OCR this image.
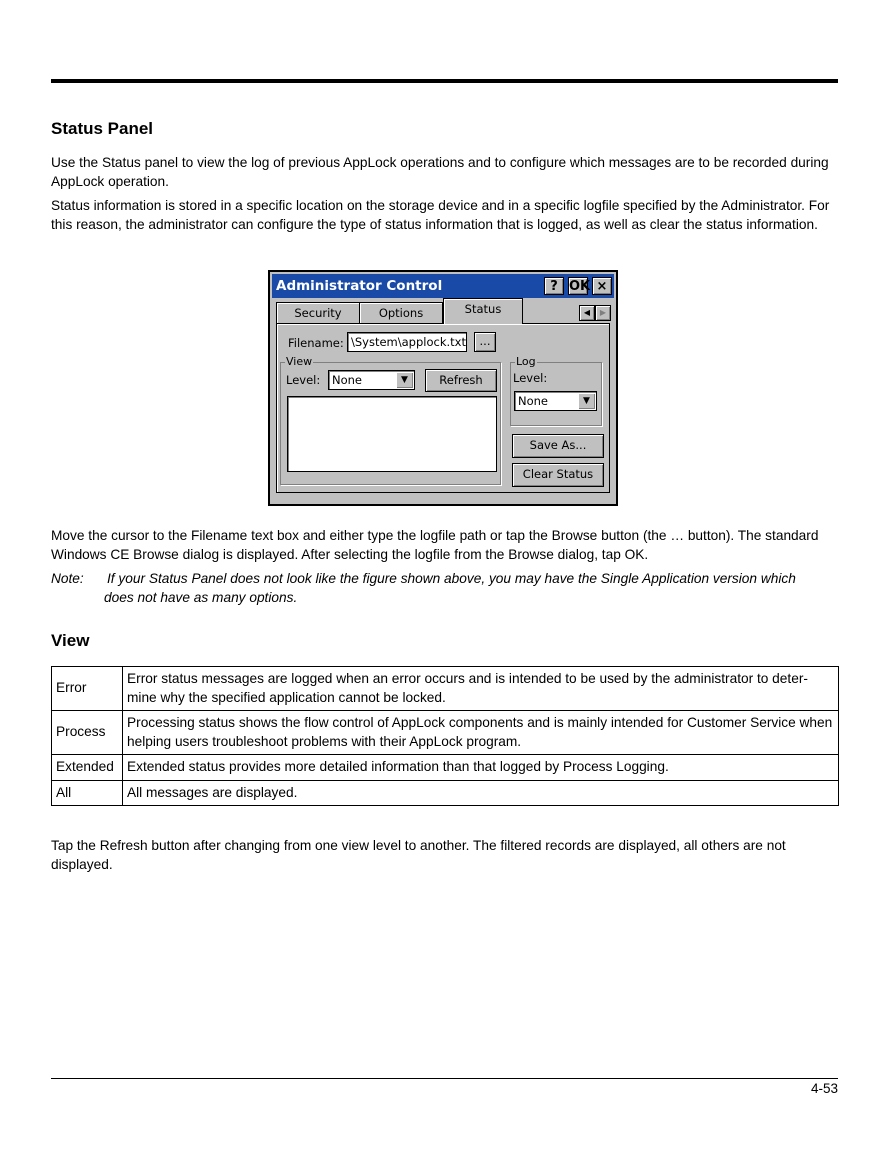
Status Panel

Use the Status panel to view the log of previous AppLock operations and to configure which messages are to be recorded during AppLock operation.

Status information is stored in a specific location on the storage device and in a specific logfile specified by the Administrator. For this reason, the administrator can configure the type of status information that is logged, as well as clear the status information.

Administrator Control	? OK ×
Security	Options	Status	◀	▶
Filename: \System\applock.txt	...
View
Level:	None	▼	Refresh
Log
Level:
None	▼
Save As...
Clear Status

Move the cursor to the Filename text box and either type the logfile path or tap the Browse button (the … button). The standard Windows CE Browse dialog is displayed. After selecting the logfile from the Browse dialog, tap OK.

Note: If your Status Panel does not look like the figure shown above, you may have the Single Application version which does not have as many options.
View
Error	Error status messages are logged when an error occurs and is intended to be used by the administrator to deter-mine why the specified application cannot be locked.
Process	Processing status shows the flow control of AppLock components and is mainly intended for Customer Service when helping users troubleshoot problems with their AppLock program.
Extended	Extended status provides more detailed information than that logged by Process Logging.
All	All messages are displayed.

Tap the Refresh button after changing from one view level to another. The filtered records are displayed, all others are not displayed.

4-53
